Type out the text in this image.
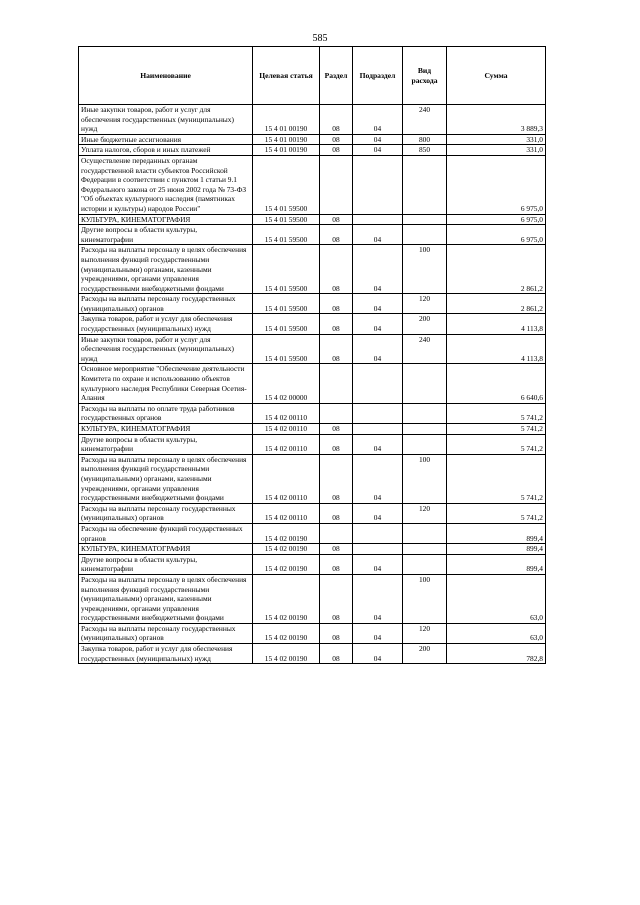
585
Наименование	Целевая статья	Раздел	Подраздел	Вид расхода	Сумма
Иные закупки товаров, работ и услуг для обеспечения государственных (муниципальных) нужд	15 4 01 00190	08	04	240	3 889,3
Иные бюджетные ассигнования	15 4 01 00190	08	04	800	331,0
Уплата налогов, сборов и иных платежей	15 4 01 00190	08	04	850	331,0
Осуществление переданных органам государственной власти субъектов Российской Федерации в соответствии с пунктом 1 статьи 9.1 Федерального закона от 25 июня 2002 года № 73-ФЗ "Об объектах культурного наследия (памятниках истории и культуры) народов России"	15 4 01 59500				6 975,0
КУЛЬТУРА, КИНЕМАТОГРАФИЯ	15 4 01 59500	08			6 975,0
Другие вопросы в области культуры, кинематографии	15 4 01 59500	08	04		6 975,0
Расходы на выплаты персоналу в целях обеспечения выполнения функций государственными (муниципальными) органами, казенными учреждениями, органами управления государственными внебюджетными фондами	15 4 01 59500	08	04	100	2 861,2
Расходы на выплаты персоналу государственных (муниципальных) органов	15 4 01 59500	08	04	120	2 861,2
Закупка товаров, работ и услуг для обеспечения государственных (муниципальных) нужд	15 4 01 59500	08	04	200	4 113,8
Иные закупки товаров, работ и услуг для обеспечения государственных (муниципальных) нужд	15 4 01 59500	08	04	240	4 113,8
Основное мероприятие "Обеспечение деятельности Комитета по охране и использованию объектов культурного наследия Республики Северная Осетия-Алания	15 4 02 00000				6 640,6
Расходы на выплаты по оплате труда работников государственных органов	15 4 02 00110				5 741,2
КУЛЬТУРА, КИНЕМАТОГРАФИЯ	15 4 02 00110	08			5 741,2
Другие вопросы в области культуры, кинематографии	15 4 02 00110	08	04		5 741,2
Расходы на выплаты персоналу в целях обеспечения выполнения функций государственными (муниципальными) органами, казенными учреждениями, органами управления государственными внебюджетными фондами	15 4 02 00110	08	04	100	5 741,2
Расходы на выплаты персоналу государственных (муниципальных) органов	15 4 02 00110	08	04	120	5 741,2
Расходы на обеспечение функций государственных органов	15 4 02 00190				899,4
КУЛЬТУРА, КИНЕМАТОГРАФИЯ	15 4 02 00190	08			899,4
Другие вопросы в области культуры, кинематографии	15 4 02 00190	08	04		899,4
Расходы на выплаты персоналу в целях обеспечения выполнения функций государственными (муниципальными) органами, казенными учреждениями, органами управления государственными внебюджетными фондами	15 4 02 00190	08	04	100	63,0
Расходы на выплаты персоналу государственных (муниципальных) органов	15 4 02 00190	08	04	120	63,0
Закупка товаров, работ и услуг для обеспечения государственных (муниципальных) нужд	15 4 02 00190	08	04	200	782,8
